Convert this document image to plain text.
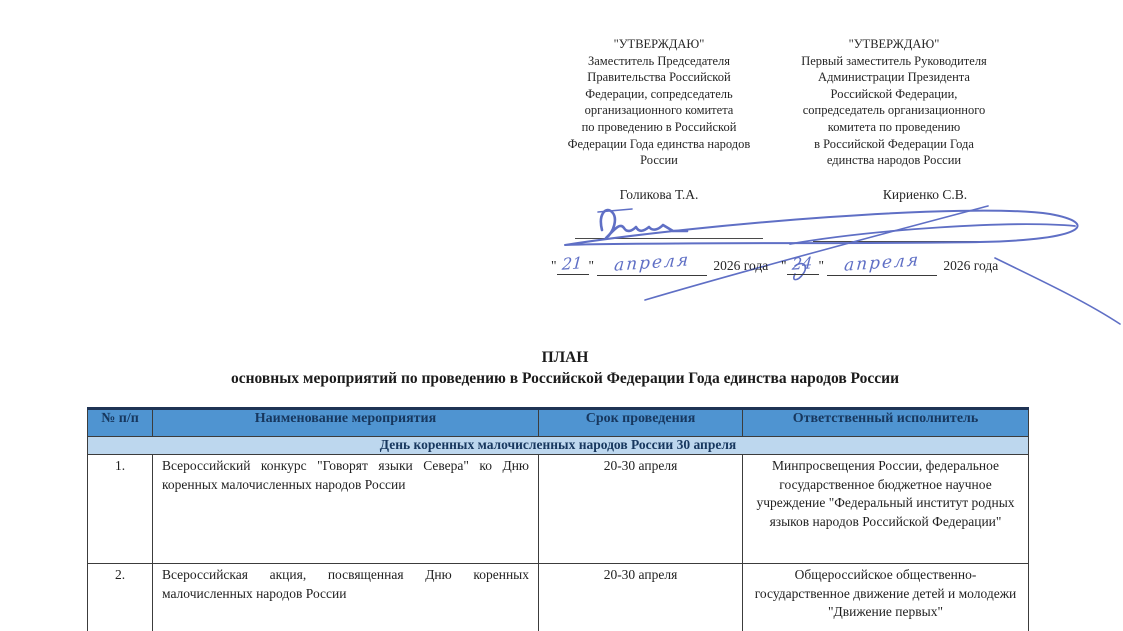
"УТВЕРЖДАЮ"
Заместитель Председателя
Правительства Российской
Федерации, сопредседатель
организационного комитета
по проведению в Российской
Федерации Года единства народов
России
"УТВЕРЖДАЮ"
Первый заместитель Руководителя
Администрации Президента
Российской Федерации,
сопредседатель организационного
комитета по проведению
в Российской Федерации Года
единства народов России
Голикова Т.А.	Кириенко С.В.
" 21 " апреля 2026 года " 24 " апреля 2026 года
ПЛАН
основных мероприятий по проведению в Российской Федерации Года единства народов России
№ п/п	Наименование мероприятия	Срок проведения	Ответственный исполнитель
День коренных малочисленных народов России 30 апреля			
1.	Всероссийский конкурс "Говорят языки Севера" ко Дню коренных малочисленных народов России	20-30 апреля	Минпросвещения России, федеральное государственное бюджетное научное учреждение "Федеральный институт родных языков народов Российской Федерации"
2.	Всероссийская акция, посвященная Дню коренных малочисленных народов России	20-30 апреля	Общероссийское общественно-государственное движение детей и молодежи "Движение первых"
